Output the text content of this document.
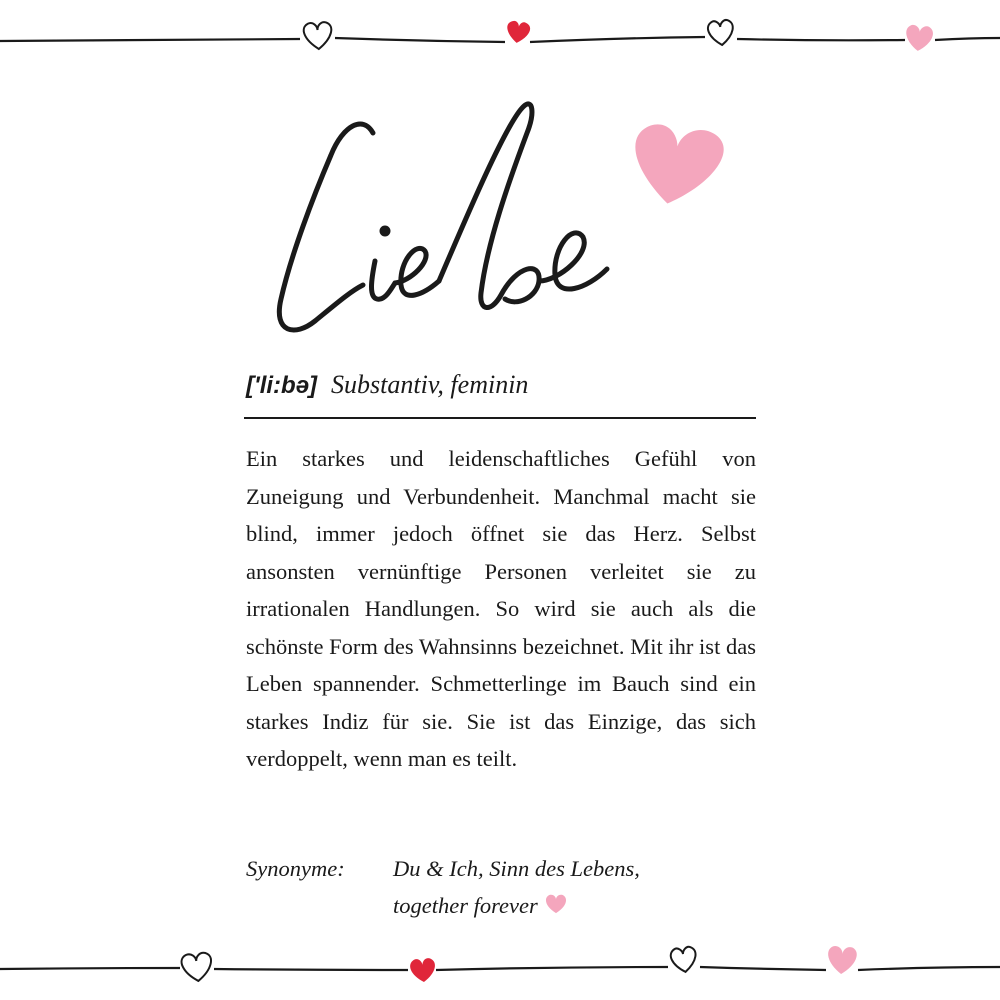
['li:bə] Substantiv, feminin
Ein starkes und leidenschaftliches Gefühl von Zuneigung und Verbundenheit. Manchmal macht sie blind, immer jedoch öffnet sie das Herz. Selbst ansonsten vernünftige Personen verleitet sie zu irrationalen Handlungen. So wird sie auch als die schönste Form des Wahnsinns bezeichnet. Mit ihr ist das Leben spannender. Schmetterlinge im Bauch sind ein starkes Indiz für sie. Sie ist das Einzige, das sich verdoppelt, wenn man es teilt.
Synonyme: Du & Ich, Sinn des Lebens,
together forever
